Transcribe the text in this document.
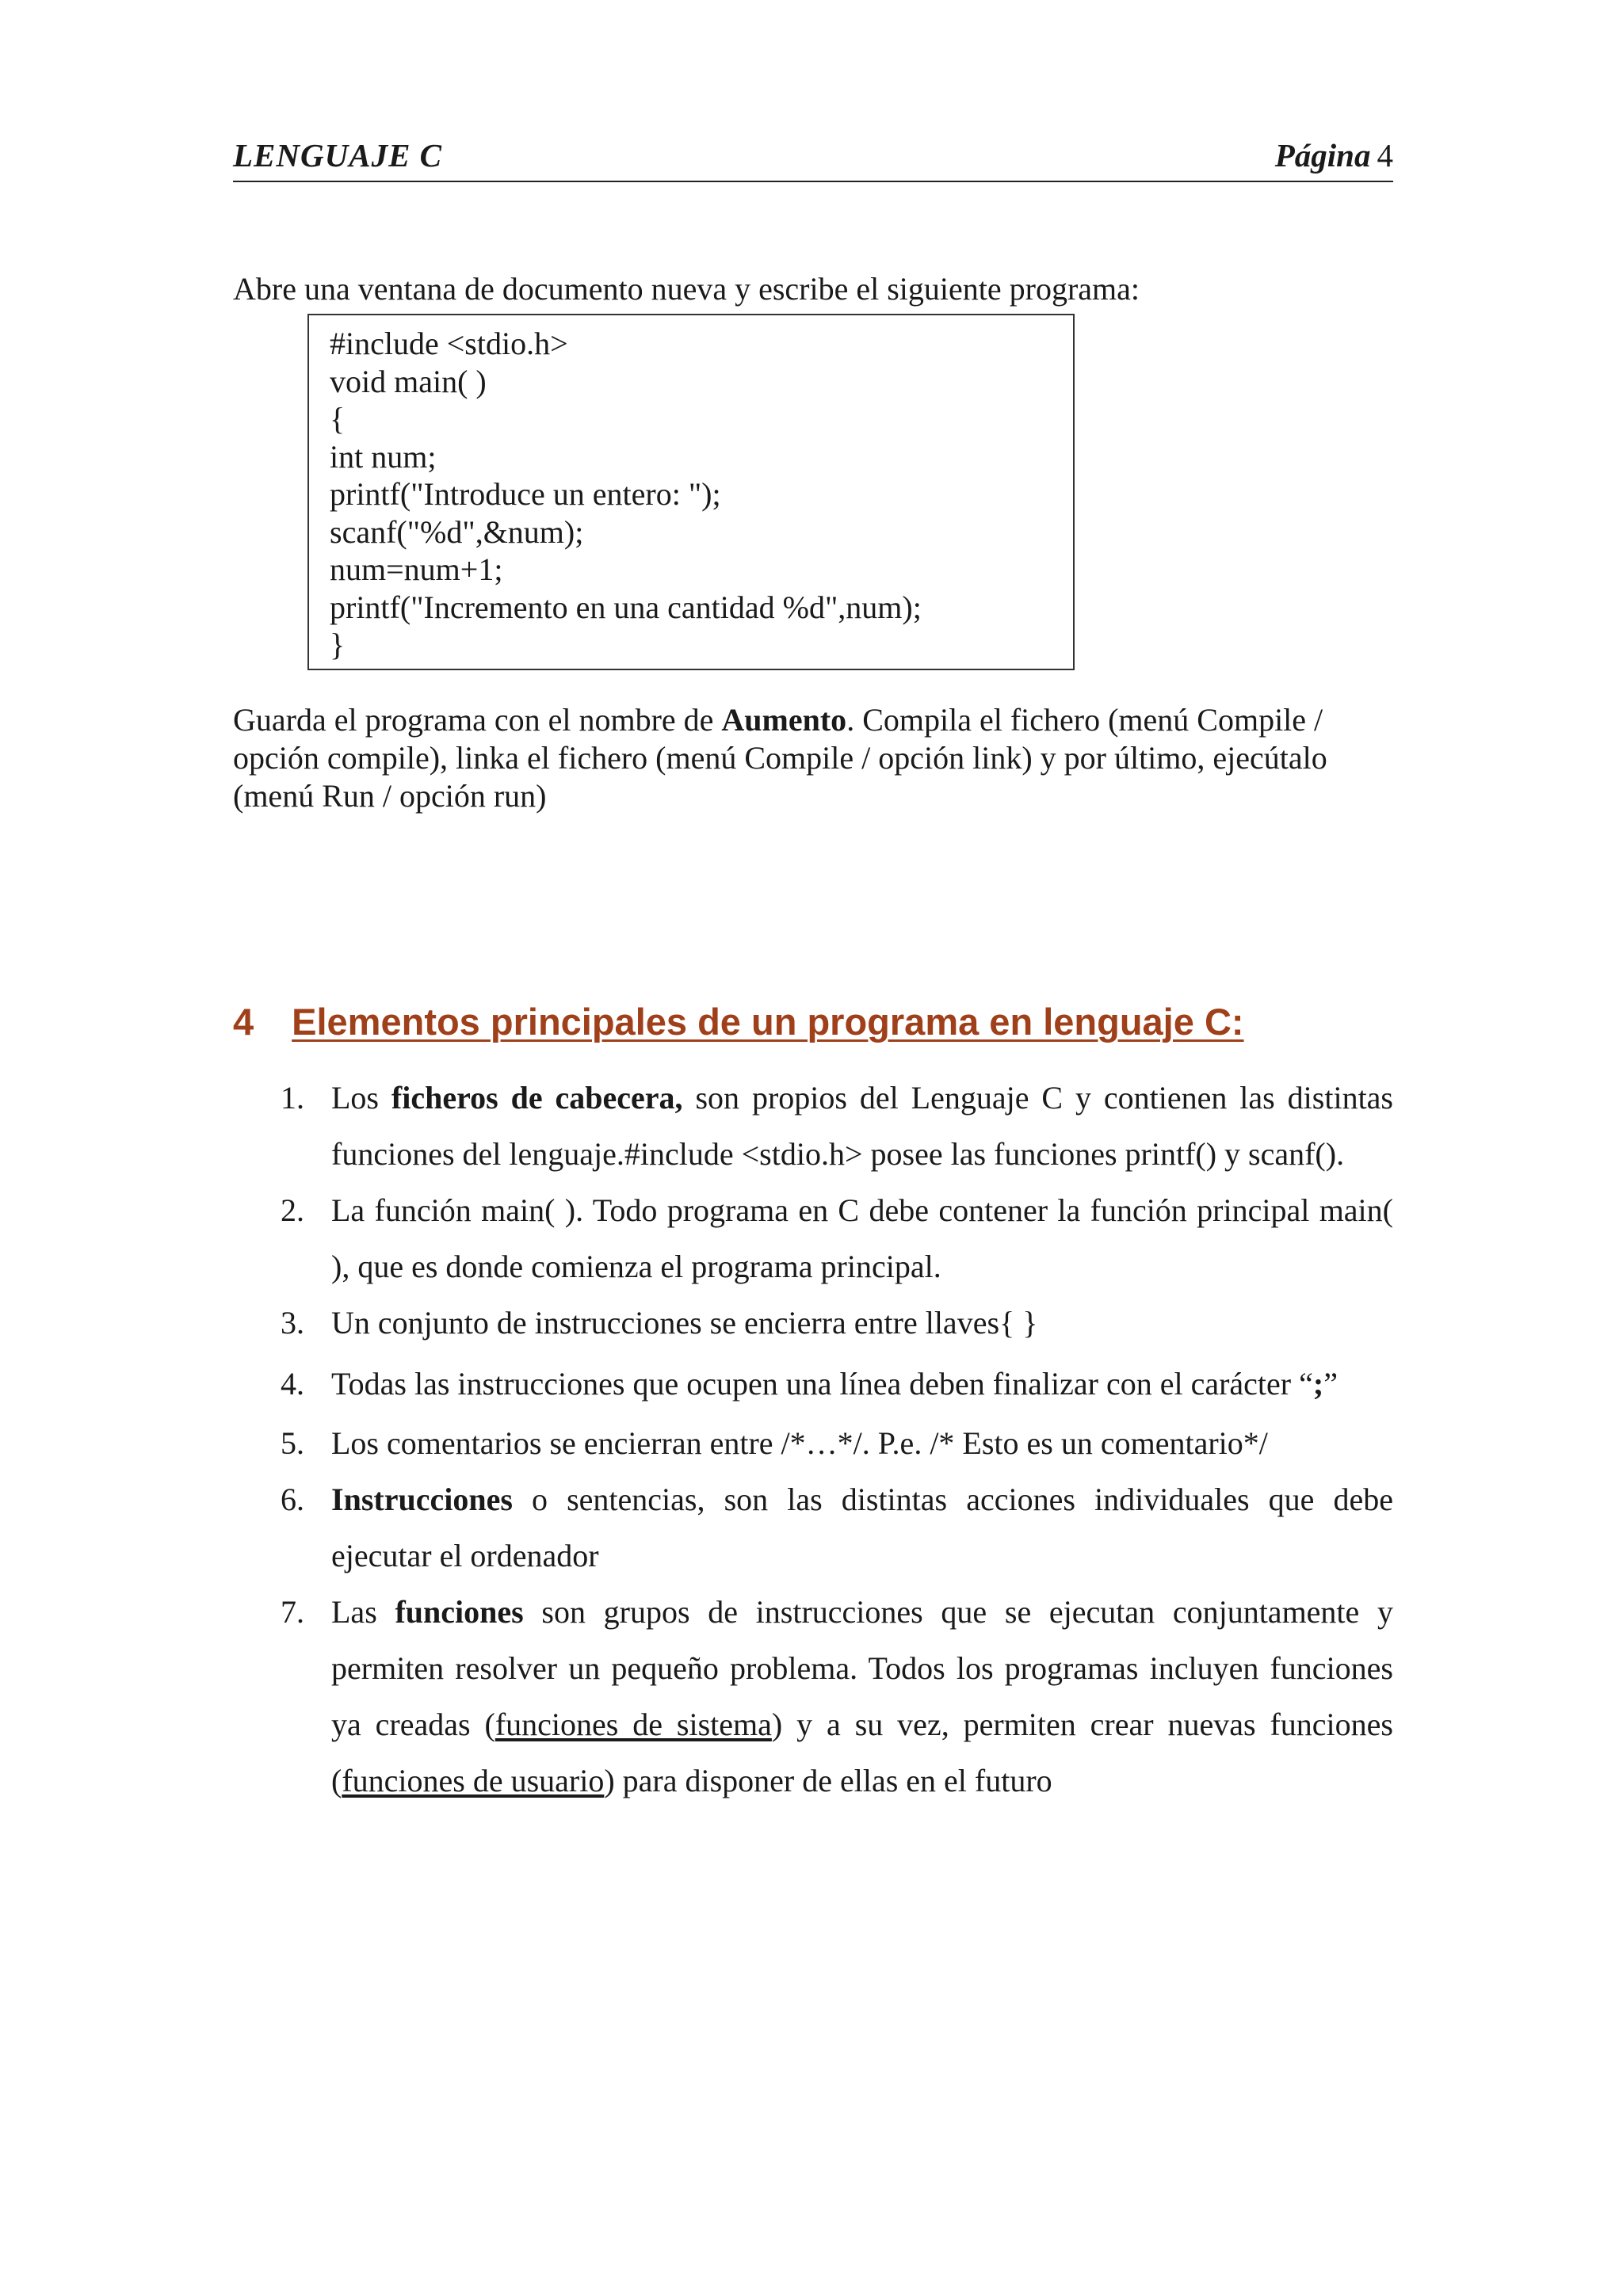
LENGUAJE C	Página 4
Abre una ventana de documento nueva y escribe el siguiente programa:
#include <stdio.h>
void main( )
{
int num;
printf("Introduce un entero: ");
scanf("%d",&num);
num=num+1;
printf("Incremento en una cantidad %d",num);
}
Guarda el programa con el nombre de Aumento. Compila el fichero (menú Compile / opción compile), linka el fichero (menú Compile / opción link) y por último, ejecútalo (menú Run / opción run)
4 Elementos principales de un programa en lenguaje C:
1. Los ficheros de cabecera, son propios del Lenguaje C y contienen las distintas funciones del lenguaje.#include <stdio.h> posee las funciones printf() y scanf().
2. La función main( ). Todo programa en C debe contener la función principal main( ), que es donde comienza el programa principal.
3. Un conjunto de instrucciones se encierra entre llaves{ }
4. Todas las instrucciones que ocupen una línea deben finalizar con el carácter “;”
5. Los comentarios se encierran entre /*…*/. P.e. /* Esto es un comentario*/
6. Instrucciones o sentencias, son las distintas acciones individuales que debe ejecutar el ordenador
7. Las funciones son grupos de instrucciones que se ejecutan conjuntamente y permiten resolver un pequeño problema. Todos los programas incluyen funciones ya creadas (funciones de sistema) y a su vez, permiten crear nuevas funciones (funciones de usuario) para disponer de ellas en el futuro
